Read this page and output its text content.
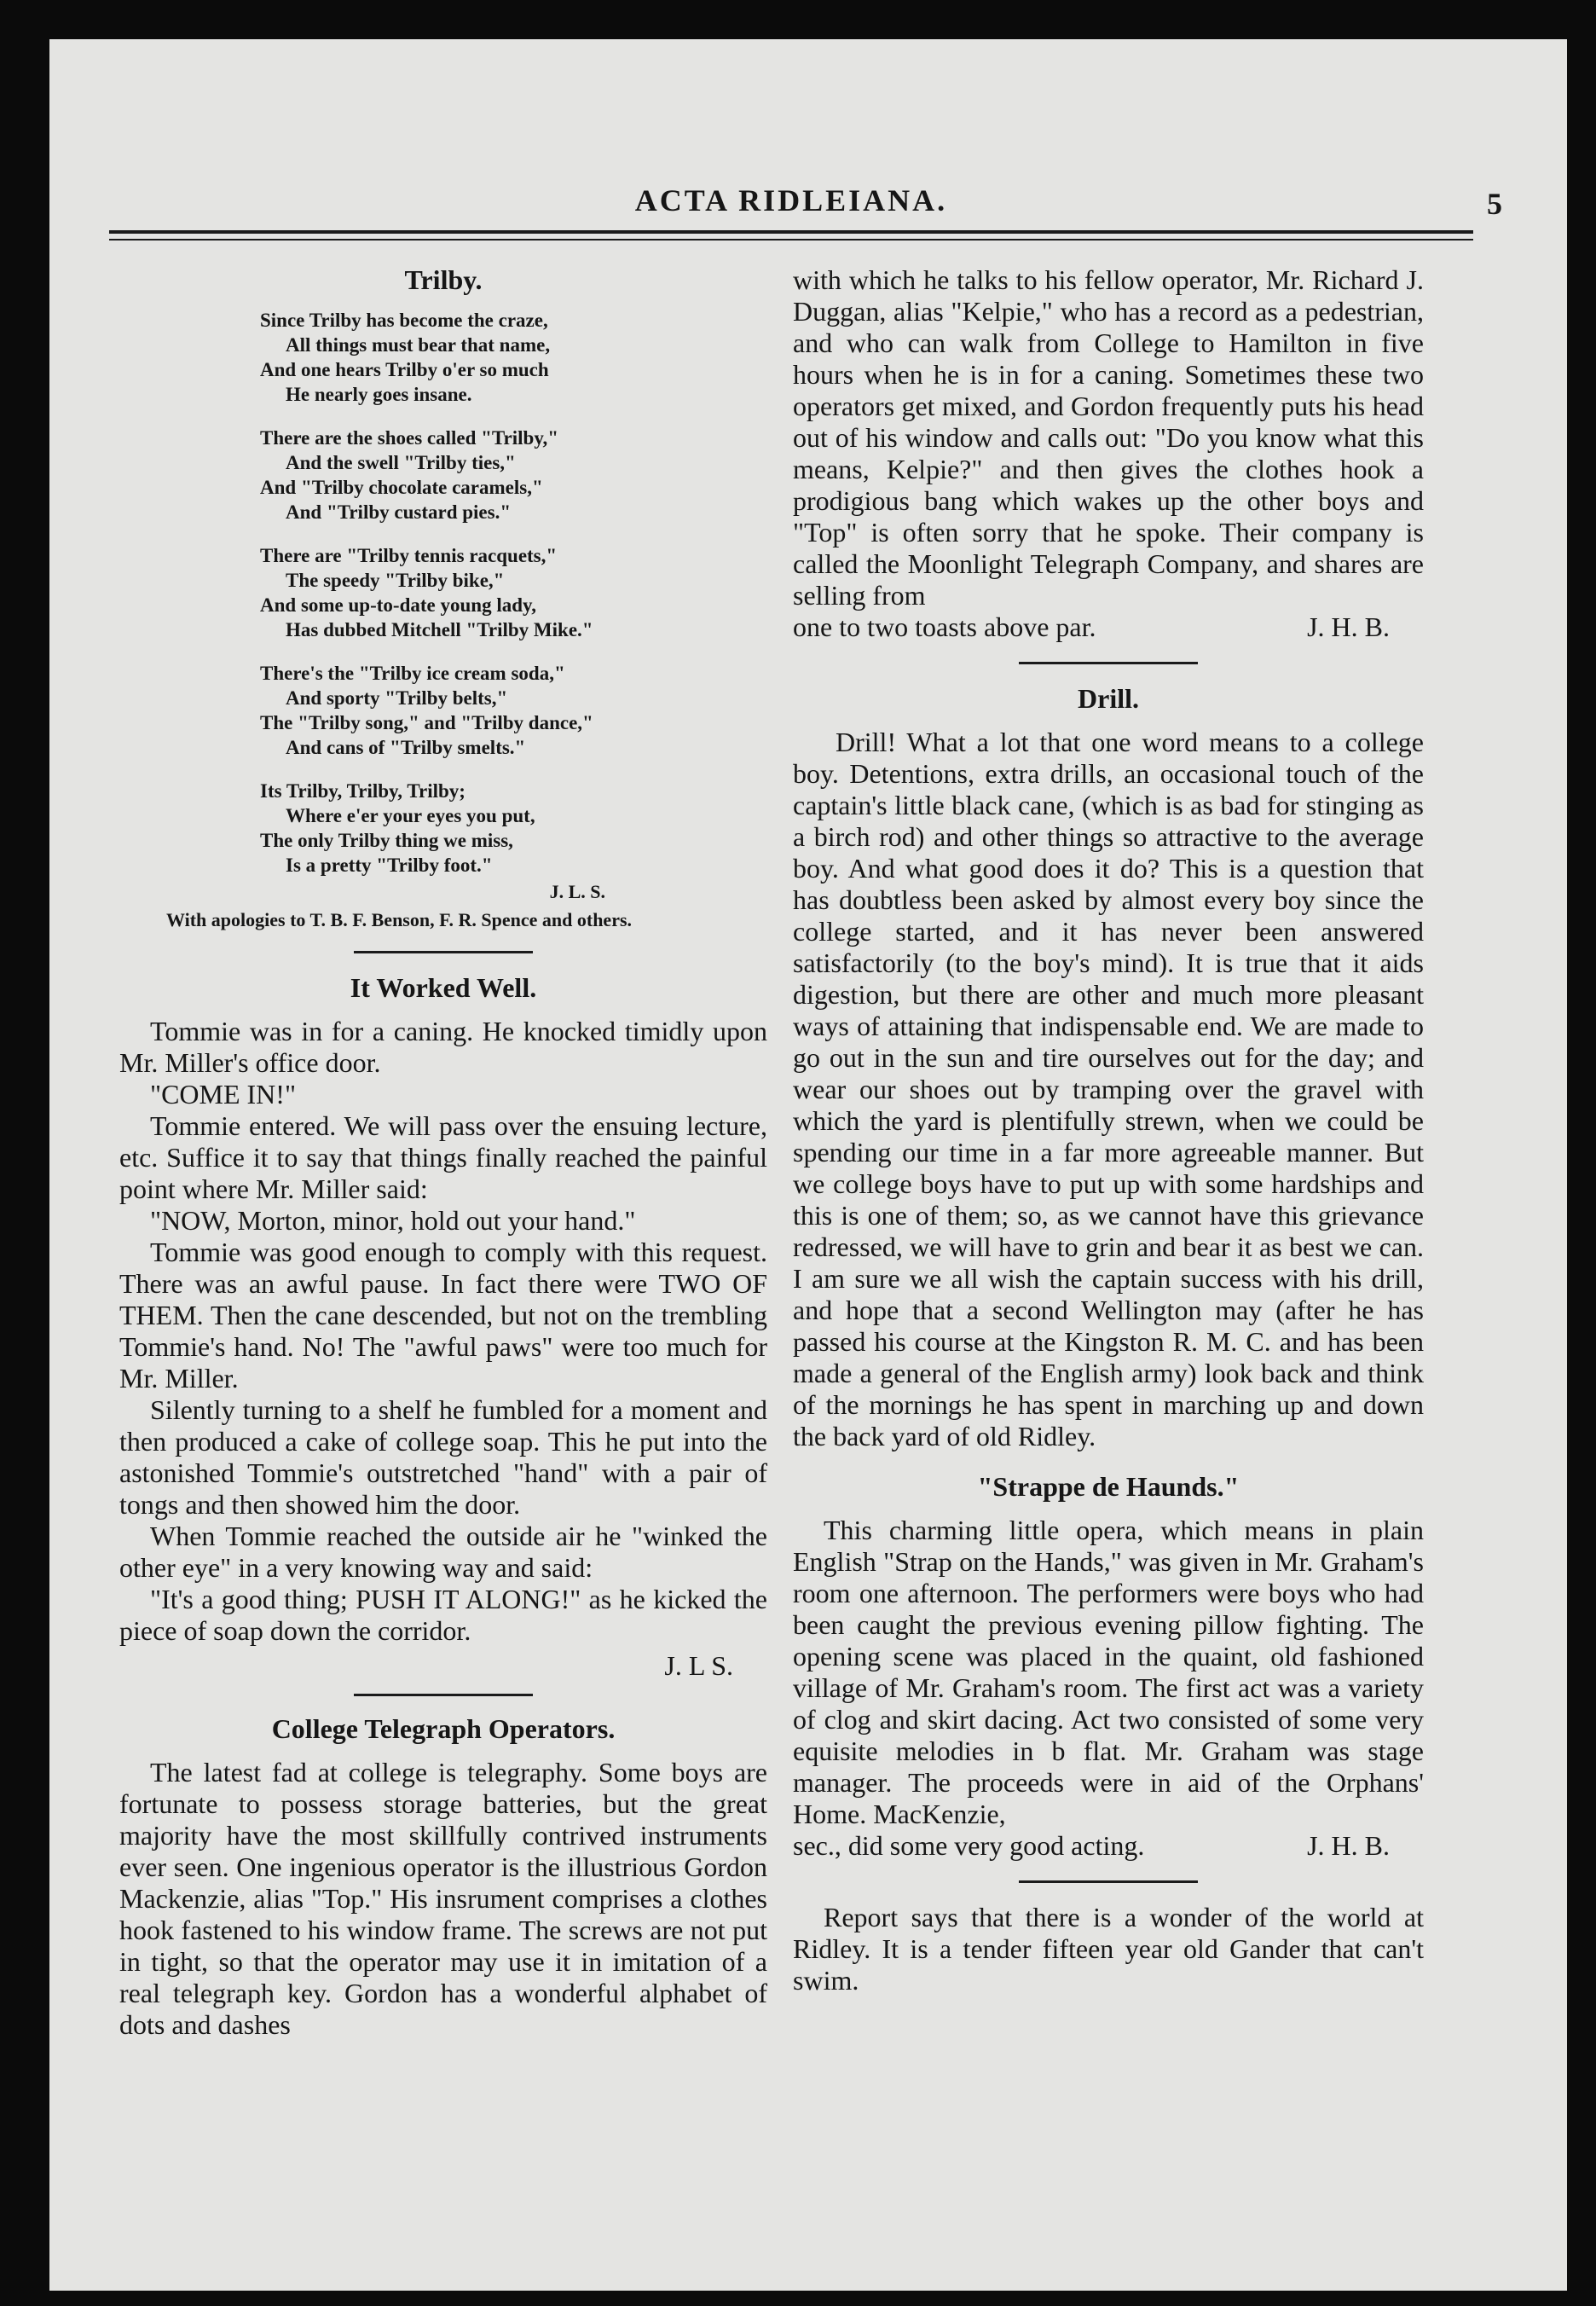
ACTA RIDLEIANA.	5
Trilby.
Since Trilby has become the craze,
All things must bear that name,
And one hears Trilby o'er so much
He nearly goes insane.
There are the shoes called "Trilby,"
And the swell "Trilby ties,"
And "Trilby chocolate caramels,"
And "Trilby custard pies."
There are "Trilby tennis racquets,"
The speedy "Trilby bike,"
And some up-to-date young lady,
Has dubbed Mitchell "Trilby Mike."
There's the "Trilby ice cream soda,"
And sporty "Trilby belts,"
The "Trilby song," and "Trilby dance,"
And cans of "Trilby smelts."
Its Trilby, Trilby, Trilby;
Where e'er your eyes you put,
The only Trilby thing we miss,
Is a pretty "Trilby foot."
J. L. S.

With apologies to T. B. F. Benson, F. R. Spence and others.

It Worked Well.

Tommie was in for a caning. He knocked timidly upon Mr. Miller's office door.

"COME IN!"

Tommie entered. We will pass over the ensuing lecture, etc. Suffice it to say that things finally reached the painful point where Mr. Miller said:

"NOW, Morton, minor, hold out your hand."

Tommie was good enough to comply with this request. There was an awful pause. In fact there were TWO OF THEM. Then the cane descended, but not on the trembling Tommie's hand. No! The "awful paws" were too much for Mr. Miller.

Silently turning to a shelf he fumbled for a moment and then produced a cake of college soap. This he put into the astonished Tommie's outstretched "hand" with a pair of tongs and then showed him the door.

When Tommie reached the outside air he "winked the other eye" in a very knowing way and said:

"It's a good thing; PUSH IT ALONG!" as he kicked the piece of soap down the corridor.

J. L S.
College Telegraph Operators.

The latest fad at college is telegraphy. Some boys are fortunate to possess storage batteries, but the great majority have the most skillfully contrived instruments ever seen. One ingenious operator is the illustrious Gordon Mackenzie, alias "Top." His insrument comprises a clothes hook fastened to his window frame. The screws are not put in tight, so that the operator may use it in imitation of a real telegraph key. Gordon has a wonderful alphabet of dots and dashes

with which he talks to his fellow operator, Mr. Richard J. Duggan, alias "Kelpie," who has a record as a pedestrian, and who can walk from College to Hamilton in five hours when he is in for a caning. Sometimes these two operators get mixed, and Gordon frequently puts his head out of his window and calls out: "Do you know what this means, Kelpie?" and then gives the clothes hook a prodigious bang which wakes up the other boys and "Top" is often sorry that he spoke. Their company is called the Moonlight Telegraph Company, and shares are selling from

one to two toasts above par.	J. H. B.
Drill.

Drill! What a lot that one word means to a college boy. Detentions, extra drills, an occasional touch of the captain's little black cane, (which is as bad for stinging as a birch rod) and other things so attractive to the average boy. And what good does it do? This is a question that has doubtless been asked by almost every boy since the college started, and it has never been answered satisfactorily (to the boy's mind). It is true that it aids digestion, but there are other and much more pleasant ways of attaining that indispensable end. We are made to go out in the sun and tire ourselves out for the day; and wear our shoes out by tramping over the gravel with which the yard is plentifully strewn, when we could be spending our time in a far more agreeable manner. But we college boys have to put up with some hardships and this is one of them; so, as we cannot have this grievance redressed, we will have to grin and bear it as best we can. I am sure we all wish the captain success with his drill, and hope that a second Wellington may (after he has passed his course at the Kingston R. M. C. and has been made a general of the English army) look back and think of the mornings he has spent in marching up and down the back yard of old Ridley.

"Strappe de Haunds."

This charming little opera, which means in plain English "Strap on the Hands," was given in Mr. Graham's room one afternoon. The performers were boys who had been caught the previous evening pillow fighting. The opening scene was placed in the quaint, old fashioned village of Mr. Graham's room. The first act was a variety of clog and skirt dacing. Act two consisted of some very equisite melodies in b flat. Mr. Graham was stage manager. The proceeds were in aid of the Orphans' Home. MacKenzie,

sec., did some very good acting.	J. H. B.

Report says that there is a wonder of the world at Ridley. It is a tender fifteen year old Gander that can't swim.
